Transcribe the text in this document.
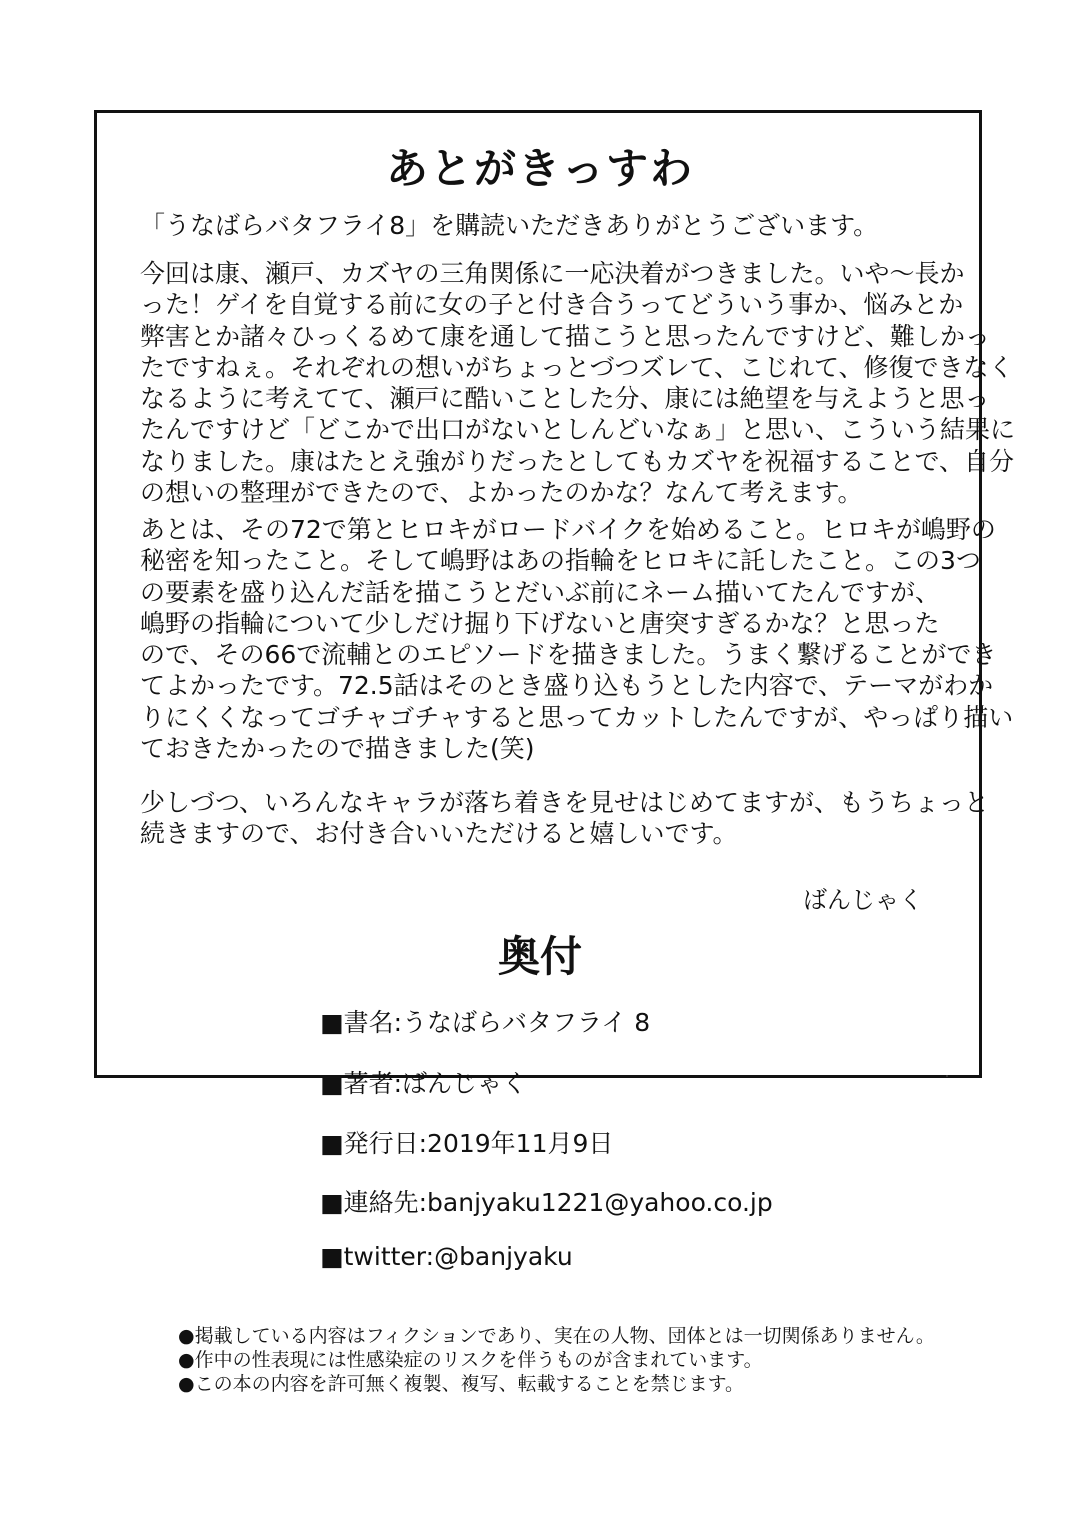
あとがきっすわ
「うなばらバタフライ8」を購読いただきありがとうございます。
今回は康、瀬戸、カズヤの三角関係に一応決着がつきました。いや～長か
った！ゲイを自覚する前に女の子と付き合うってどういう事か、悩みとか
弊害とか諸々ひっくるめて康を通して描こうと思ったんですけど、難しかっ
たですねぇ。それぞれの想いがちょっとづつズレて、こじれて、修復できなく
なるように考えてて、瀬戸に酷いことした分、康には絶望を与えようと思っ
たんですけど「どこかで出口がないとしんどいなぁ」と思い、こういう結果に
なりました。康はたとえ強がりだったとしてもカズヤを祝福することで、自分
の想いの整理ができたので、よかったのかな？なんて考えます。
あとは、その72で第とヒロキがロードバイクを始めること。ヒロキが嶋野の
秘密を知ったこと。そして嶋野はあの指輪をヒロキに託したこと。この3つ
の要素を盛り込んだ話を描こうとだいぶ前にネーム描いてたんですが、
嶋野の指輪について少しだけ掘り下げないと唐突すぎるかな？と思った
ので、その66で流輔とのエピソードを描きました。うまく繋げることができ
てよかったです。72.5話はそのとき盛り込もうとした内容で、テーマがわか
りにくくなってゴチャゴチャすると思ってカットしたんですが、やっぱり描い
ておきたかったので描きました(笑)
少しづつ、いろんなキャラが落ち着きを見せはじめてますが、もうちょっと
続きますので、お付き合いいただけると嬉しいです。
ばんじゃく
奥付
■書名:うなばらバタフライ 8
■著者:ばんじゃく
■発行日:2019年11月9日
■連絡先:banjyaku1221@yahoo.co.jp
■twitter:@banjyaku
●掲載している内容はフィクションであり、実在の人物、団体とは一切関係ありません。
●作中の性表現には性感染症のリスクを伴うものが含まれています。
●この本の内容を許可無く複製、複写、転載することを禁じます。
